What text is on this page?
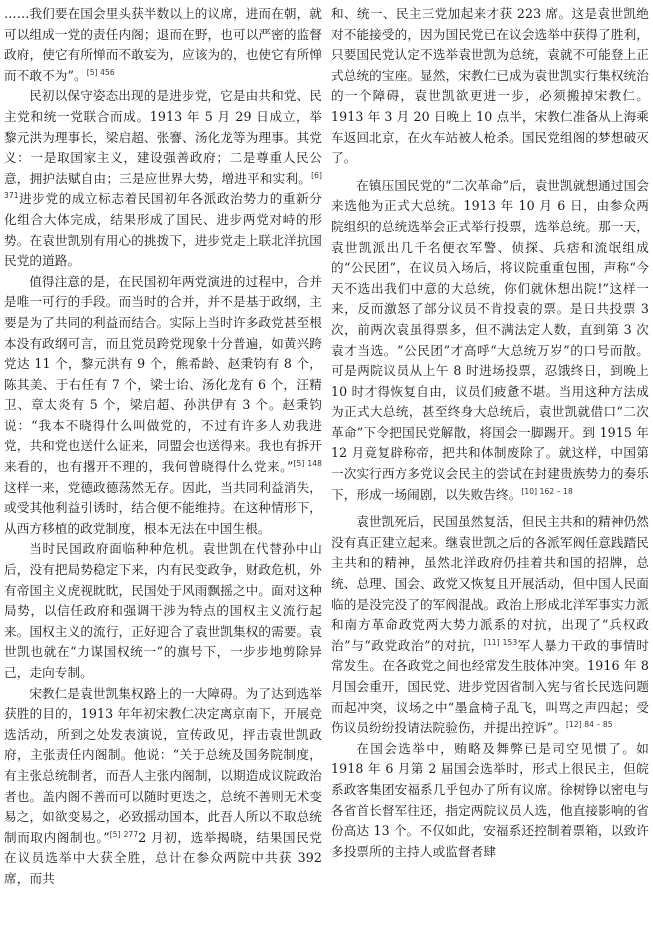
……我们要在国会里头获半数以上的议席，进而在朝，就可以组成一党的责任内阁；退而在野，也可以严密的监督政府，使它有所惮而不敢妄为，应该为的，也使它有所惮而不敢不为”。$^{[5] 456}$

民初以保守姿态出现的是进步党，它是由共和党、民主党和统一党联合而成。1913 年 5 月 29 日成立，举黎元洪为理事长，梁启超、张謇、汤化龙等为理事。其党义：一是取国家主义，建设强善政府；二是尊重人民公意，拥护法赋自由；三是应世界大势，增进平和实利。$^{[6] 371}$进步党的成立标志着民国初年各派政治势力的重新分化组合大体完成，结果形成了国民、进步两党对峙的形势。在袁世凯别有用心的挑拨下，进步党走上联北洋抗国民党的道路。

值得注意的是，在民国初年两党演进的过程中，合并是唯一可行的手段。而当时的合并，并不是基于政纲，主要是为了共同的利益而结合。实际上当时许多政党甚至根本没有政纲可言，而且党员跨党现象十分普遍，如黄兴跨党达 11 个，黎元洪有 9 个，熊希龄、赵秉钧有 8 个，陈其美、于右任有 7 个，梁士诒、汤化龙有 6 个，汪精卫、章太炎有 5 个，梁启超、孙洪伊有 3 个。赵秉钧说：“我本不晓得什么叫做党的，不过有许多人劝我进党，共和党也送什么证来，同盟会也送得来。我也有拆开来看的，也有撂开不理的，我何曾晓得什么党来。”$^{[5] 148}$这样一来，党德政德荡然无存。因此，当共同利益消失，或受其他利益引诱时，结合便不能维持。在这种情形下，从西方移植的政党制度，根本无法在中国生根。

当时民国政府面临种种危机。袁世凯在代替孙中山后，没有把局势稳定下来，内有民变政争，财政危机，外有帝国主义虎视眈眈，民国处于风雨飘摇之中。面对这种局势，以信任政府和强调干涉为特点的国权主义流行起来。国权主义的流行，正好迎合了袁世凯集权的需要。袁世凯也就在“力谋国权统一”的旗号下，一步步地剪除异己，走向专制。

宋教仁是袁世凯集权路上的一大障碍。为了达到选举获胜的目的，1913 年年初宋教仁决定离京南下，开展竞选活动，所到之处发表演说，宣传政见，抨击袁世凯政府，主张责任内阁制。他说：“关于总统及国务院制度，有主张总统制者，而吾人主张内阁制，以期造成议院政治者也。盖内阁不善而可以随时更迭之，总统不善则无术变易之，如欲变易之，必致摇动国本，此吾人所以不取总统制而取内阁制也。”$^{[5] 277}$2 月初，选举揭晓，结果国民党在议员选举中大获全胜，总计在参众两院中共获 392 席，而共

和、统一、民主三党加起来才获 223 席。这是袁世凯绝对不能接受的，因为国民党已在议会选举中获得了胜利，只要国民党认定不选举袁世凯为总统，袁就不可能登上正式总统的宝座。显然，宋教仁已成为袁世凯实行集权统治的一个障碍，袁世凯欲更进一步，必须搬掉宋教仁。1913 年 3 月 20 日晚上 10 点半，宋教仁准备从上海乘车返回北京，在火车站被人枪杀。国民党组阁的梦想破灭了。

在镇压国民党的“二次革命”后，袁世凯就想通过国会来选他为正式大总统。1913 年 10 月 6 日，由参众两院组织的总统选举会正式举行投票，选举总统。那一天，袁世凯派出几千名便衣军警、侦探、兵痞和流氓组成的“公民团”，在议员入场后，将议院重重包围，声称“今天不选出我们中意的大总统，你们就休想出院!”这样一来，反而激怒了部分议员不肯投袁的票。是日共投票 3 次，前两次袁虽得票多，但不满法定人数，直到第 3 次袁才当选。“公民团”才高呼“大总统万岁”的口号而散。可是两院议员从上午 8 时进场投票，忍饿终日，到晚上 10 时才得恢复自由，议员们疲惫不堪。当用这种方法成为正式大总统，甚至终身大总统后，袁世凯就借口“二次革命”下令把国民党解散，将国会一脚踢开。到 1915 年 12 月竟复辟称帝，把共和体制废除了。就这样，中国第一次实行西方多党议会民主的尝试在封建贵族势力的奏乐下，形成一场闹剧，以失败告终。$^{[10] 162 - 18}$

袁世凯死后，民国虽然复活，但民主共和的精神仍然没有真正建立起来。继袁世凯之后的各派军阀任意践踏民主共和的精神，虽然北洋政府仍挂着共和国的招牌，总统、总理、国会、政党又恢复且开展活动，但中国人民面临的是没完没了的军阀混战。政治上形成北洋军事实力派和南方革命政党两大势力派系的对抗，出现了“兵权政治”与“政党政治”的对抗，$^{[11] 153}$军人暴力干政的事情时常发生。在各政党之间也经常发生肢体冲突。1916 年 8 月国会重开，国民党、进步党因省制入宪与省长民选问题而起冲突，议场之中“墨盒椅子乱飞，叫骂之声四起；受伤议员纷纷投请法院验伤，并提出控诉”。$^{[12] 84 - 85}$

在国会选举中，贿略及舞弊已是司空见惯了。如 1918 年 6 月第 2 届国会选举时，形式上很民主，但皖系政客集团安福系几乎包办了所有议席。徐树铮以密电与各省首长督军往还，指定两院议员人选，他直接影响的省份高达 13 个。不仅如此，安福系还控制着票箱，以致许多投票所的主持人或监督者肆
